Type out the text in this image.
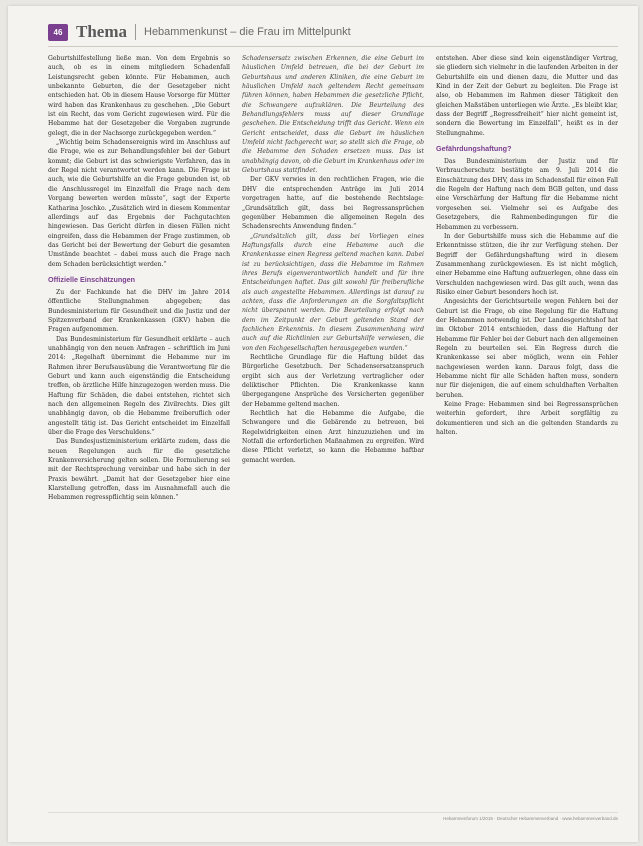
46 Thema Hebammenkunst – die Frau im Mittelpunkt

Geburtshilfestellung ließe man. Von dem Ergebnis so auch, ob es in einem mitgliedern Schadenfall Leistungsrecht geben könnte. Für Hebammen, auch unbekannte Geburten, die der Gesetzgeber nicht entschieden hat. Ob in diesem Hause Vorsorge für Mütter wird haben das Krankenhaus zu geschehen. „Die Geburt ist ein Recht, das vom Gericht zugewiesen wird. Für die Hebamme hat der Gesetzgeber die Vorgaben zugrunde gelegt, die in der Nachsorge zurückgegeben werden.“

„Wichtig beim Schadensereignis wird im Anschluss auf die Frage, wie es zur Behandlungsfehler bei der Geburt kommt; die Geburt ist das schwierigste Verfahren, das in der Regel nicht verantwortet werden kann. Die Frage ist auch, wie die Geburtshilfe an die Frage gebunden ist, ob die Anschlussregel im Einzelfall die Frage nach dem Vorgang bewerten werden müsste“, sagt der Experte Katharina Joschko. „Zusätzlich wird in diesem Kommentar allerdings auf das Ergebnis der Fachgutachten hingewiesen. Das Gericht dürfen in diesen Fällen nicht eingreifen, dass die Hebammen der Frage zustimmen, ob das Gericht bei der Bewertung der Geburt die gesamten Umstände beachtet – dabei muss auch die Frage nach dem Schaden berücksichtigt werden.“

Offizielle Einschätzungen

Zu der Fachkunde hat die DHV im Jahre 2014 öffentliche Stellungnahmen abgegeben; das Bundesministerium für Gesundheit und die Justiz und der Spitzenverband der Krankenkassen (GKV) haben die Fragen aufgenommen.

Das Bundesministerium für Gesundheit erklärte – auch unabhängig von den neuen Anfragen – schriftlich im Juni 2014: „Regelhaft übernimmt die Hebamme nur im Rahmen ihrer Berufsausübung die Verantwortung für die Geburt und kann auch eigenständig die Entscheidung treffen, ob ärztliche Hilfe hinzugezogen werden muss. Die Haftung für Schäden, die dabei entstehen, richtet sich nach den allgemeinen Regeln des Zivilrechts. Dies gilt unabhängig davon, ob die Hebamme freiberuflich oder angestellt tätig ist. Das Gericht entscheidet im Einzelfall über die Frage des Verschuldens.“

Das Bundesjustizministerium erklärte zudem, dass die neuen Regelungen auch für die gesetzliche Krankenversicherung gelten sollen. Die Formulierung sei mit der Rechtsprechung vereinbar und habe sich in der Praxis bewährt. „Damit hat der Gesetzgeber hier eine Klarstellung getroffen, dass im Ausnahmefall auch die Hebammen regresspflichtig sein können.“

Schadensersatz zwischen Erkennen, die eine Geburt im häuslichen Umfeld betreuen, die bei der Geburt im Geburtshaus und anderen Kliniken, die eine Geburt im häuslichen Umfeld nach geltendem Recht gemeinsam führen können, haben Hebammen die gesetzliche Pflicht, die Schwangere aufzuklären. Die Beurteilung des Behandlungsfehlers muss auf dieser Grundlage geschehen. Die Entscheidung trifft das Gericht. Wenn ein Gericht entscheidet, dass die Geburt im häuslichen Umfeld nicht fachgerecht war, so stellt sich die Frage, ob die Hebamme den Schaden ersetzen muss. Das ist unabhängig davon, ob die Geburt im Krankenhaus oder im Geburtshaus stattfindet.

Der GKV verwies in den rechtlichen Fragen, wie die DHV die entsprechenden Anträge im Juli 2014 vorgetragen hatte, auf die bestehende Rechtslage: „Grundsätzlich gilt, dass bei Regressansprüchen gegenüber Hebammen die allgemeinen Regeln des Schadensrechts Anwendung finden.“

„Grundsätzlich gilt, dass bei Vorliegen eines Haftungsfalls durch eine Hebamme auch die Krankenkasse einen Regress geltend machen kann. Dabei ist zu berücksichtigen, dass die Hebamme im Rahmen ihres Berufs eigenverantwortlich handelt und für ihre Entscheidungen haftet. Das gilt sowohl für freiberufliche als auch angestellte Hebammen. Allerdings ist darauf zu achten, dass die Anforderungen an die Sorgfaltspflicht nicht überspannt werden. Die Beurteilung erfolgt nach dem im Zeitpunkt der Geburt geltenden Stand der fachlichen Erkenntnis. In diesem Zusammenhang wird auch auf die Richtlinien zur Geburtshilfe verwiesen, die von den Fachgesellschaften herausgegeben wurden.“

Rechtliche Grundlage für die Haftung bildet das Bürgerliche Gesetzbuch. Der Schadensersatzanspruch ergibt sich aus der Verletzung vertraglicher oder deliktischer Pflichten. Die Krankenkasse kann übergegangene Ansprüche des Versicherten gegenüber der Hebamme geltend machen.

Rechtlich hat die Hebamme die Aufgabe, die Schwangere und die Gebärende zu betreuen, bei Regelwidrigkeiten einen Arzt hinzuzuziehen und im Notfall die erforderlichen Maßnahmen zu ergreifen. Wird diese Pflicht verletzt, so kann die Hebamme haftbar gemacht werden.

entstehen. Aber diese sind kein eigenständiger Vertrag, sie gliedern sich vielmehr in die laufenden Arbeiten in der Geburtshilfe ein und dienen dazu, die Mutter und das Kind in der Zeit der Geburt zu begleiten. Die Frage ist also, ob Hebammen im Rahmen dieser Tätigkeit den gleichen Maßstäben unterliegen wie Ärzte. „Es bleibt klar, dass der Begriff „Regressfreiheit“ hier nicht gemeint ist, sondern die Bewertung im Einzelfall“, heißt es in der Stellungnahme.

Gefährdungshaftung?

Das Bundesministerium der Justiz und für Verbraucherschutz bestätigte am 9. Juli 2014 die Einschätzung des DHV, dass im Schadensfall für einen Fall die Regeln der Haftung nach dem BGB gelten, und dass eine Verschärfung der Haftung für die Hebamme nicht vorgesehen sei. Vielmehr sei es Aufgabe des Gesetzgebers, die Rahmenbedingungen für die Hebammen zu verbessern.

In der Geburtshilfe muss sich die Hebamme auf die Erkenntnisse stützen, die ihr zur Verfügung stehen. Der Begriff der Gefährdungshaftung wird in diesem Zusammenhang zurückgewiesen. Es ist nicht möglich, einer Hebamme eine Haftung aufzuerlegen, ohne dass ein Verschulden nachgewiesen wird. Das gilt auch, wenn das Risiko einer Geburt besonders hoch ist.

Angesichts der Gerichtsurteile wegen Fehlern bei der Geburt ist die Frage, ob eine Regelung für die Haftung der Hebammen notwendig ist. Der Landesgerichtshof hat im Oktober 2014 entschieden, dass die Haftung der Hebamme für Fehler bei der Geburt nach den allgemeinen Regeln zu beurteilen sei. Ein Regress durch die Krankenkasse sei aber möglich, wenn ein Fehler nachgewiesen werden kann. Daraus folgt, dass die Hebamme nicht für alle Schäden haften muss, sondern nur für diejenigen, die auf einem schuldhaften Verhalten beruhen.

Keine Frage: Hebammen sind bei Regressansprüchen weiterhin gefordert, ihre Arbeit sorgfältig zu dokumentieren und sich an die geltenden Standards zu halten.

Hebammenforum 1/2015 · Deutscher Hebammenverband · www.hebammenverband.de
